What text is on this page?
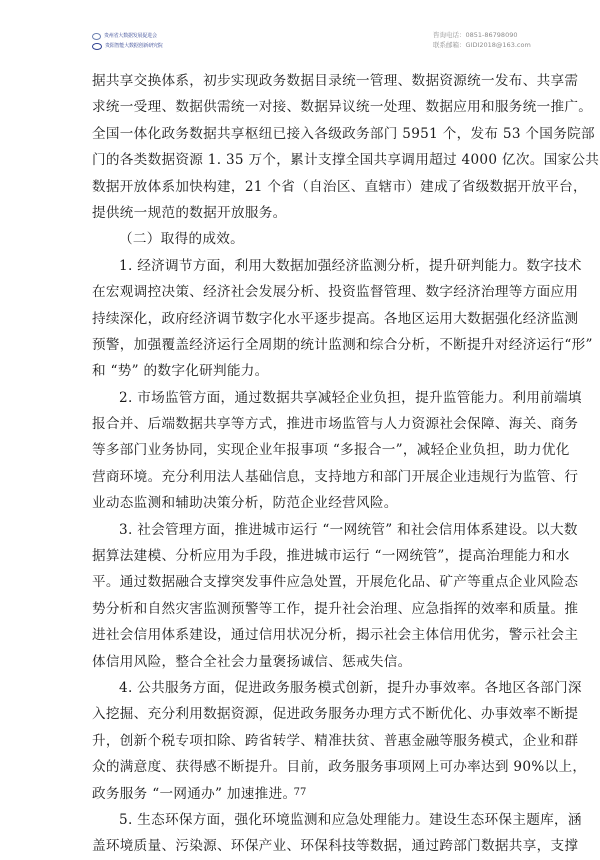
贵州省大数据发展促进会
贵阳智能大数据创新研究院
咨询电话：0851-86798090
联系邮箱：GIDI2018@163.com
据共享交换体系，初步实现政务数据目录统一管理、数据资源统一发布、共享需
求统一受理、数据供需统一对接、数据异议统一处理、数据应用和服务统一推广。
全国一体化政务数据共享枢纽已接入各级政务部门 5951 个，发布 53 个国务院部
门的各类数据资源 1. 35 万个，累计支撑全国共享调用超过 4000 亿次。国家公共
数据开放体系加快构建，21 个省（自治区、直辖市）建成了省级数据开放平台，
提供统一规范的数据开放服务。
（二）取得的成效。
1. 经济调节方面，利用大数据加强经济监测分析，提升研判能力。数字技术
在宏观调控决策、经济社会发展分析、投资监督管理、数字经济治理等方面应用
持续深化，政府经济调节数字化水平逐步提高。各地区运用大数据强化经济监测
预警，加强覆盖经济运行全周期的统计监测和综合分析，不断提升对经济运行“形”
和 “势” 的数字化研判能力。
2. 市场监管方面，通过数据共享减轻企业负担，提升监管能力。利用前端填
报合并、后端数据共享等方式，推进市场监管与人力资源社会保障、海关、商务
等多部门业务协同，实现企业年报事项 “多报合一”，减轻企业负担，助力优化
营商环境。充分利用法人基础信息，支持地方和部门开展企业违规行为监管、行
业动态监测和辅助决策分析，防范企业经营风险。
3. 社会管理方面，推进城市运行 “一网统管” 和社会信用体系建设。以大数
据算法建模、分析应用为手段，推进城市运行 “一网统管”，提高治理能力和水
平。通过数据融合支撑突发事件应急处置，开展危化品、矿产等重点企业风险态
势分析和自然灾害监测预警等工作，提升社会治理、应急指挥的效率和质量。推
进社会信用体系建设，通过信用状况分析，揭示社会主体信用优劣，警示社会主
体信用风险，整合全社会力量褒扬诚信、惩戒失信。
4. 公共服务方面，促进政务服务模式创新，提升办事效率。各地区各部门深
入挖掘、充分利用数据资源，促进政务服务办理方式不断优化、办事效率不断提
升，创新个税专项扣除、跨省转学、精准扶贫、普惠金融等服务模式，企业和群
众的满意度、获得感不断提升。目前，政务服务事项网上可办率达到 90%以上，
政务服务 “一网通办” 加速推进。
5. 生态环保方面，强化环境监测和应急处理能力。建设生态环保主题库，涵
盖环境质量、污染源、环保产业、环保科技等数据，通过跨部门数据共享，支撑
77
